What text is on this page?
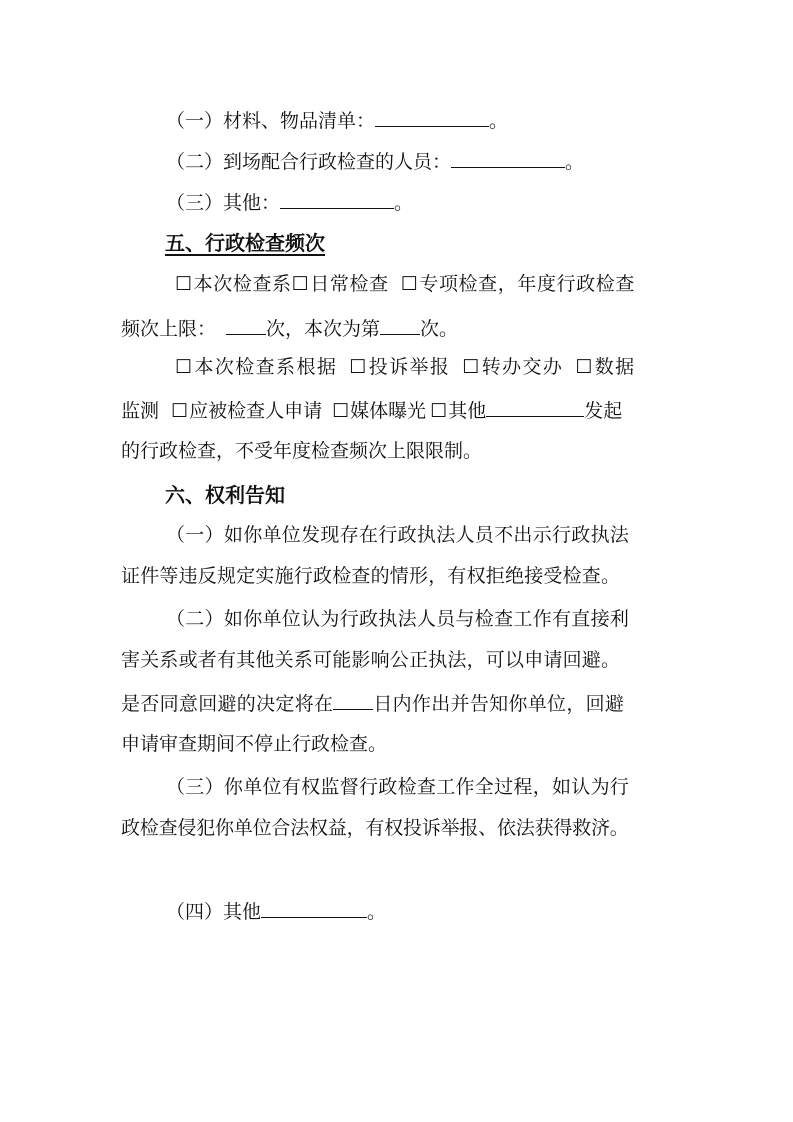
（一）材料、物品清单：	。
（二）到场配合行政检查的人员：	。
（三）其他：	。
五、行政检查频次
☐本次检查系☐日常检查 ☐专项检查，年度行政检查
频次上限：	次，本次为第 次。
☐本次检查系根据 ☐投诉举报 ☐转办交办 ☐数据
监测 ☐应被检查人申请 ☐媒体曝光 ☐其他	发起
的行政检查，不受年度检查频次上限限制。
六、权利告知
（一）如你单位发现存在行政执法人员不出示行政执法
证件等违反规定实施行政检查的情形，有权拒绝接受检查。
（二）如你单位认为行政执法人员与检查工作有直接利
害关系或者有其他关系可能影响公正执法，可以申请回避。
是否同意回避的决定将在 日内作出并告知你单位，回避
申请审查期间不停止行政检查。
（三）你单位有权监督行政检查工作全过程，如认为行
政检查侵犯你单位合法权益，有权投诉举报、依法获得救济。
（四）其他	。
